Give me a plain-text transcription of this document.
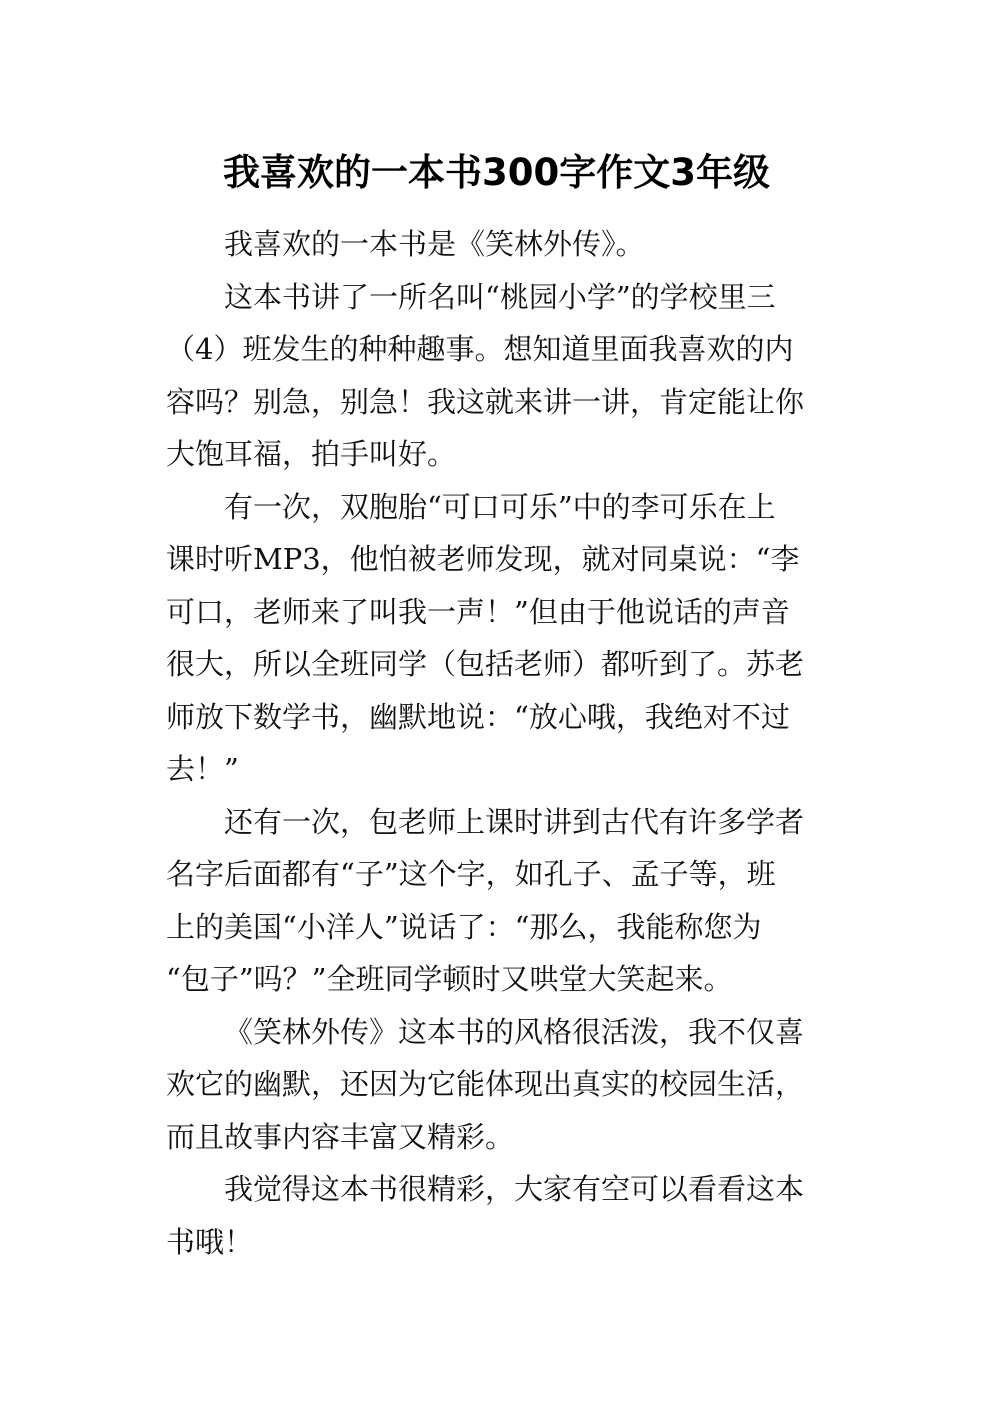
我喜欢的一本书300字作文3年级
我喜欢的一本书是《笑林外传》。
这本书讲了一所名叫“桃园小学”的学校里三
（4）班发生的种种趣事。想知道里面我喜欢的内
容吗？别急，别急！我这就来讲一讲，肯定能让你
大饱耳福，拍手叫好。
有一次，双胞胎“可口可乐”中的李可乐在上
课时听MP3，他怕被老师发现，就对同桌说：“李
可口，老师来了叫我一声！”但由于他说话的声音
很大，所以全班同学（包括老师）都听到了。苏老
师放下数学书，幽默地说：“放心哦，我绝对不过
去！”
还有一次，包老师上课时讲到古代有许多学者
名字后面都有“子”这个字，如孔子、孟子等，班
上的美国“小洋人”说话了：“那么，我能称您为
“包子”吗？”全班同学顿时又哄堂大笑起来。
《笑林外传》这本书的风格很活泼，我不仅喜
欢它的幽默，还因为它能体现出真实的校园生活，
而且故事内容丰富又精彩。
我觉得这本书很精彩，大家有空可以看看这本
书哦！
